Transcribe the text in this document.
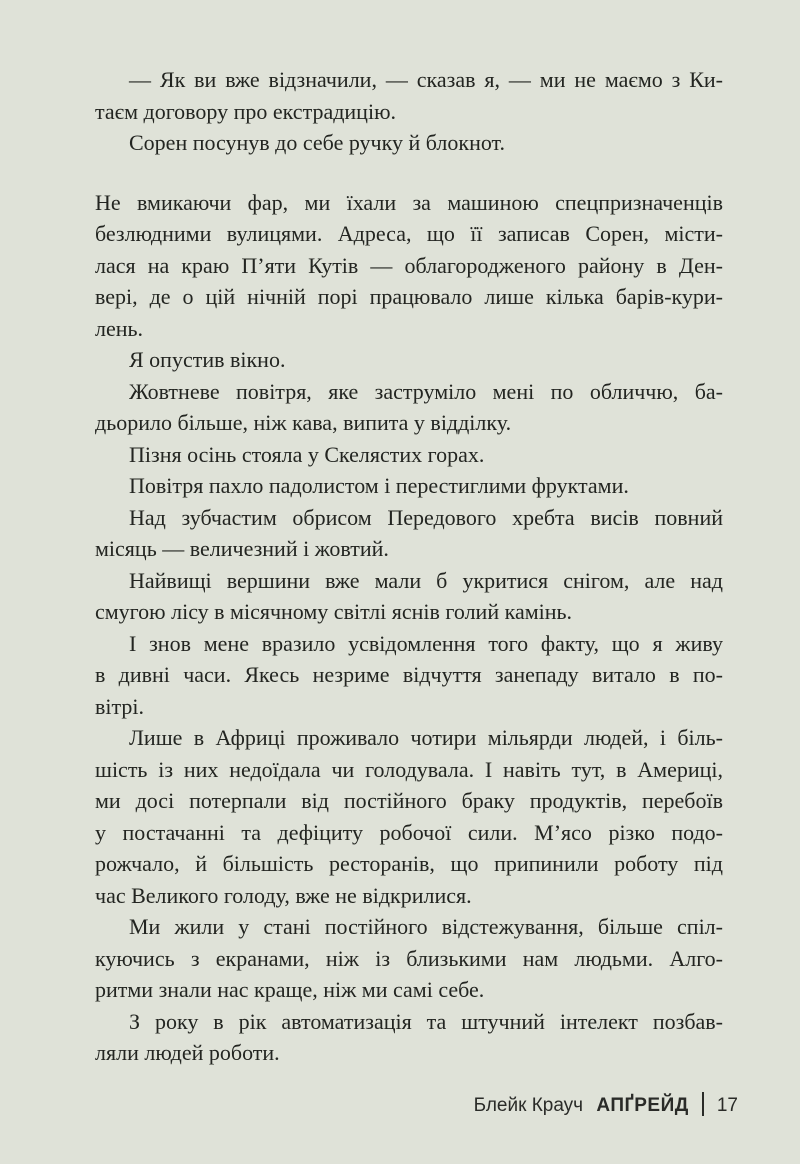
— Як ви вже відзначили, — сказав я, — ми не маємо з Ки-
таєм договору про екстрадицію.
Сорен посунув до себе ручку й блокнот.
Не вмикаючи фар, ми їхали за машиною спецпризначенців
безлюдними вулицями. Адреса, що її записав Сорен, місти-
лася на краю П’яти Кутів — облагородженого району в Ден-
вері, де о цій нічній порі працювало лише кілька барів-кури-
лень.
Я опустив вікно.
Жовтневе повітря, яке заструміло мені по обличчю, ба-
дьорило більше, ніж кава, випита у відділку.
Пізня осінь стояла у Скелястих горах.
Повітря пахло падолистом і перестиглими фруктами.
Над зубчастим обрисом Передового хребта висів повний
місяць — величезний і жовтий.
Найвищі вершини вже мали б укритися снігом, але над
смугою лісу в місячному світлі яснів голий камінь.
І знов мене вразило усвідомлення того факту, що я живу
в дивні часи. Якесь незриме відчуття занепаду витало в по-
вітрі.
Лише в Африці проживало чотири мільярди людей, і біль-
шість із них недоїдала чи голодувала. І навіть тут, в Америці,
ми досі потерпали від постійного браку продуктів, перебоїв
у постачанні та дефіциту робочої сили. М’ясо різко подо-
рожчало, й більшість ресторанів, що припинили роботу під
час Великого голоду, вже не відкрилися.
Ми жили у стані постійного відстежування, більше спіл-
куючись з екранами, ніж із близькими нам людьми. Алго-
ритми знали нас краще, ніж ми самі себе.
З року в рік автоматизація та штучний інтелект позбав-
ляли людей роботи.
Блейк Крауч АПҐРЕЙД 17
